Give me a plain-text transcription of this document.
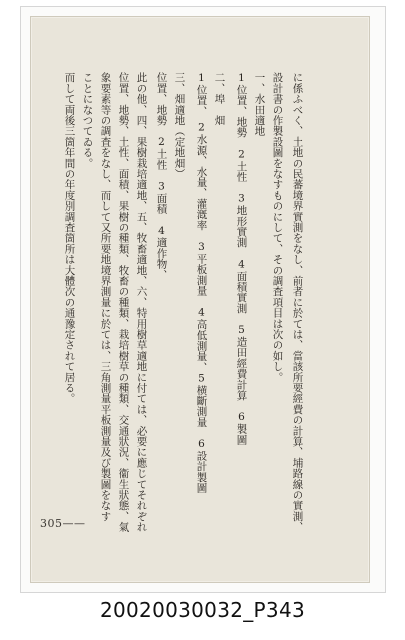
に係ふべく、土地の民蕃境界實測をなし、前者に於ては、當該所要經費の計算、埔路線の實測、
設計書の作製設圖をなすものにして、その調査項目は次の如し。
一、水田適地
1位置、地勢　2土性　3地形實測　4面積實測　5造田經費計算　6製圖
二、埠　畑
1位置、　2水源、水量、灌漑率　3平板測量　4高低測量、5横斷測量　6設計製圖
三、畑適地（定地畑）
位置、地勢　2土性　3面積　4適作物、
此の他、四、果樹栽培適地、五、牧畜適地、六、特用樹草適地に付ては、必要に應じてそれぞれ
位置、地勢、土性、面積、果樹の種類、牧畜の種類、栽培樹草の種類、交通狀況、衞生狀態、氣
象要素等の調査をなし、而して又所要地境界測量に於ては、三角測量平板測量及び製圖をなす
ことになつてゐる。
而して両後三箇年間の年度別調査箇所は大體次の通豫定されて居る。
305——
20020030032_P343
